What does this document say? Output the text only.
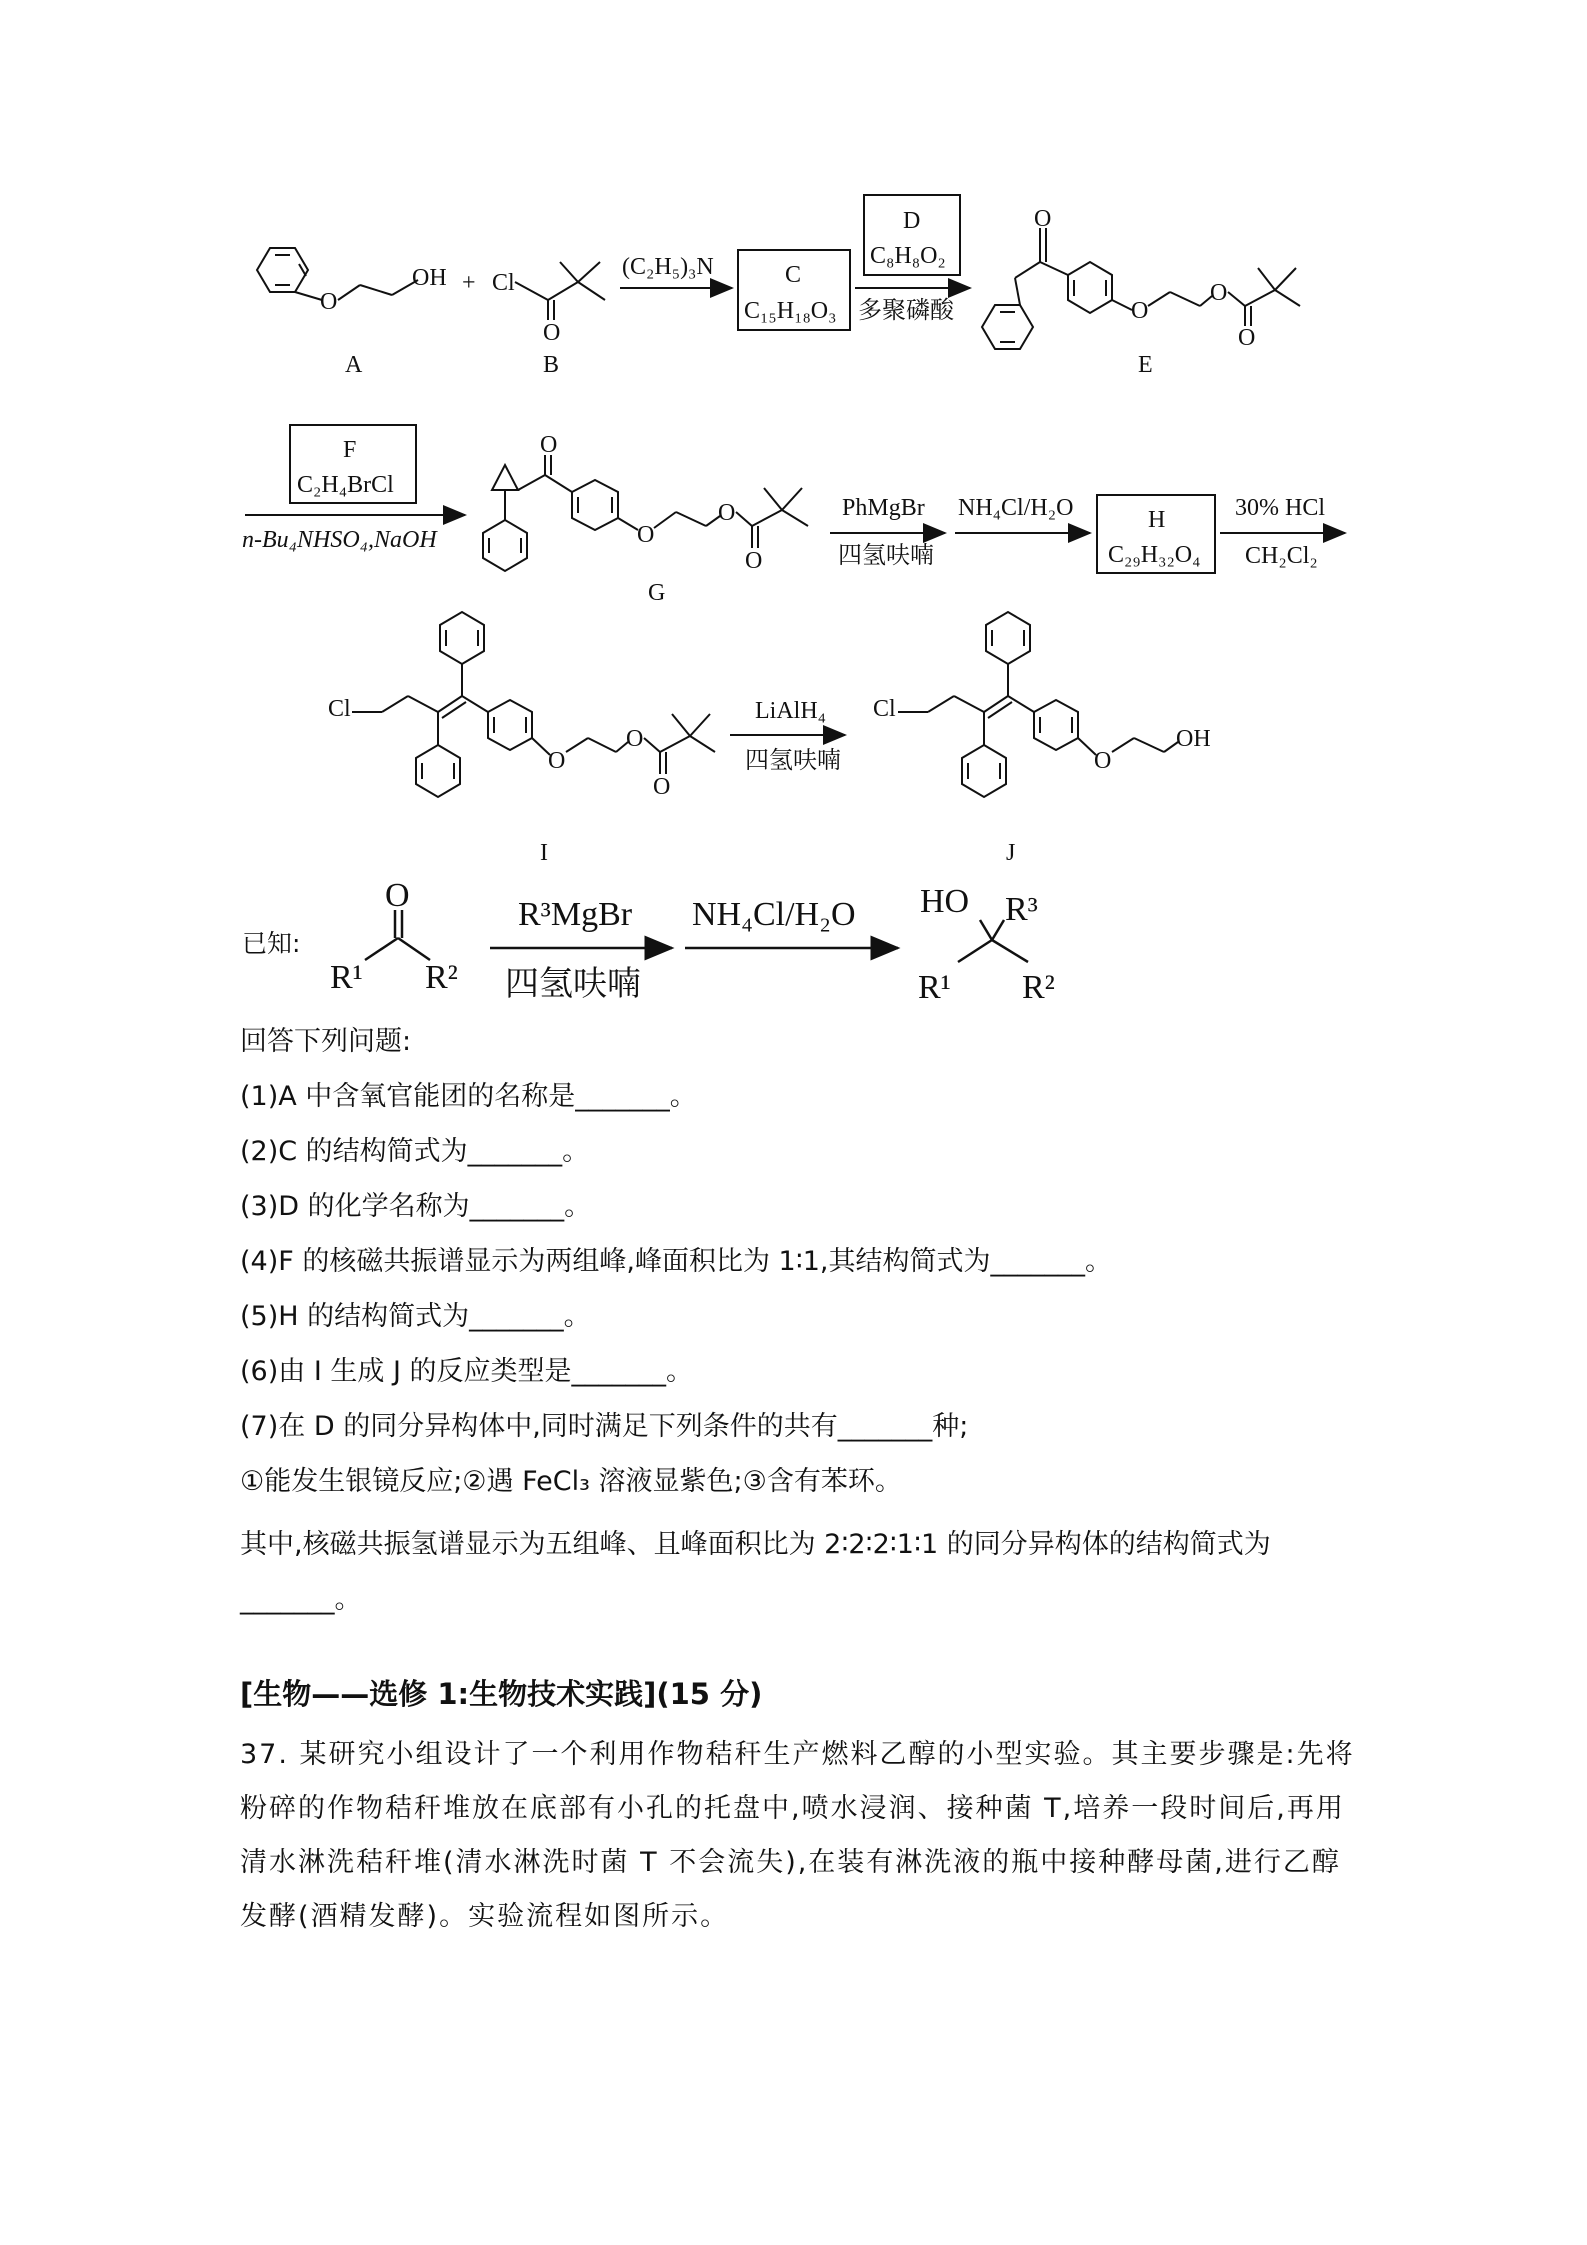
OH
O
A
+ Cl
O
B
(C₂H₅)₃N	C
C₁₅H₁₈O₃
D
C₈H₈O₂
多聚磷酸
O
O
O
O
E
F
C₂H₄BrCl
n-Bu₄NHSO₄,NaOH
O
O
O
O
G
PhMgBr
四氢呋喃
NH₄Cl/H₂O	H
C₂₉H₃₂O₄
30% HCl
CH₂Cl₂
Cl
O
O
O
I
LiAlH₄
四氢呋喃
Cl
O
OH
J
已知:
O
R¹ R²
R³MgBr
四氢呋喃
NH₄Cl/H₂O HO R³
R¹ R²
回答下列问题:
(1)A 中含氧官能团的名称是_______。
(2)C 的结构简式为_______。
(3)D 的化学名称为_______。
(4)F 的核磁共振谱显示为两组峰,峰面积比为 1∶1,其结构简式为_______。
(5)H 的结构简式为_______。
(6)由 I 生成 J 的反应类型是_______。
(7)在 D 的同分异构体中,同时满足下列条件的共有_______种;
①能发生银镜反应;②遇 FeCl₃ 溶液显紫色;③含有苯环。
其中,核磁共振氢谱显示为五组峰、且峰面积比为 2∶2∶2∶1∶1 的同分异构体的结构简式为_______。
[生物——选修 1:生物技术实践](15 分)
37. 某研究小组设计了一个利用作物秸秆生产燃料乙醇的小型实验。其主要步骤是:先将粉碎的作物秸秆堆放在底部有小孔的托盘中,喷水浸润、接种菌 T,培养一段时间后,再用清水淋洗秸秆堆(清水淋洗时菌 T 不会流失),在装有淋洗液的瓶中接种酵母菌,进行乙醇发酵(酒精发酵)。实验流程如图所示。
